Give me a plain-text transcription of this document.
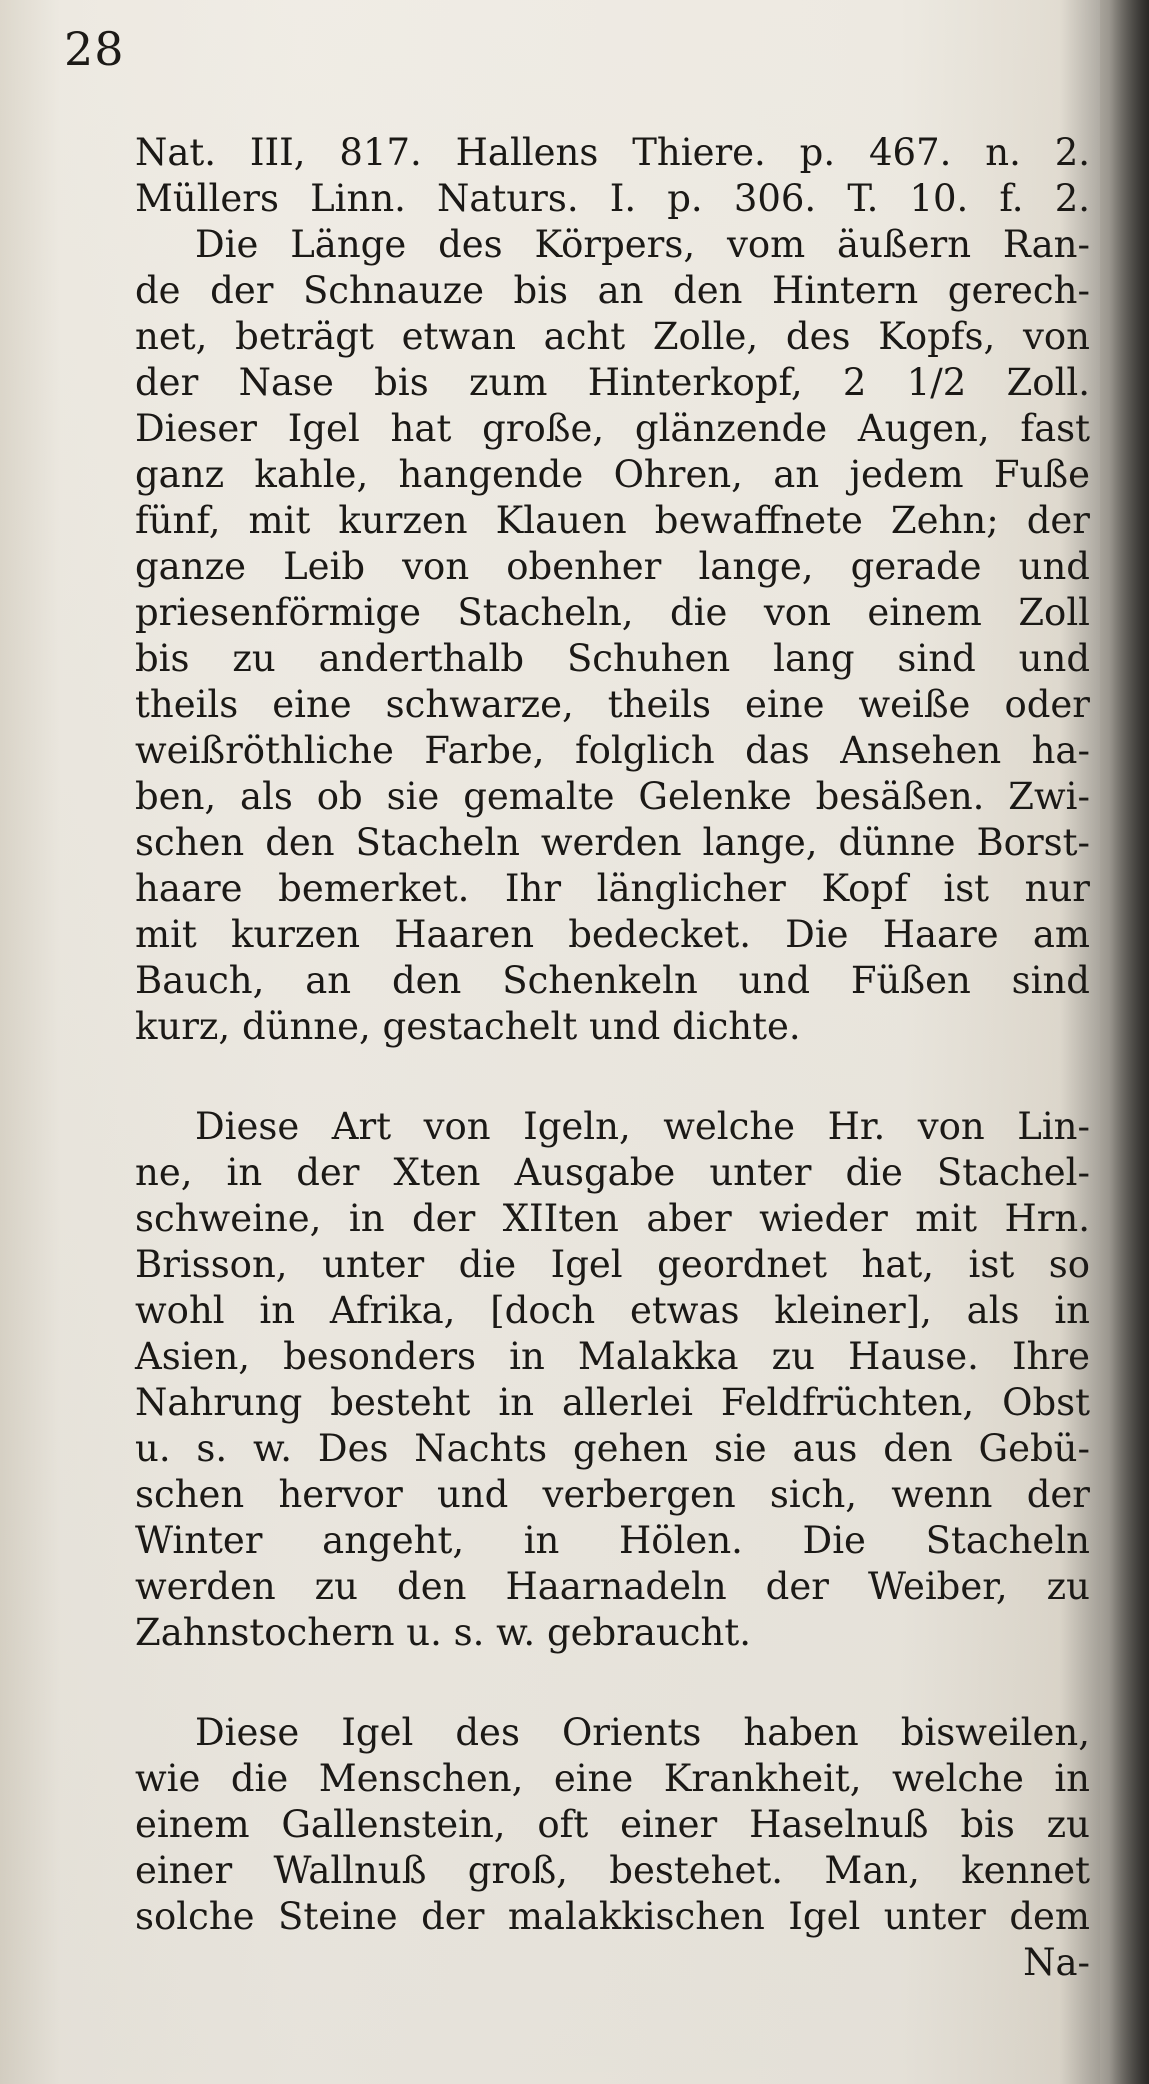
28
Nat. III, 817. Hallens Thiere. p. 467. n. 2.
Müllers Linn. Naturs. I. p. 306. T. 10. f. 2.
Die Länge des Körpers, vom äußern Ran-
de der Schnauze bis an den Hintern gerech-
net, beträgt etwan acht Zolle, des Kopfs, von
der Nase bis zum Hinterkopf, 2 1/2 Zoll.
Dieser Igel hat große, glänzende Augen, fast
ganz kahle, hangende Ohren, an jedem Fuße
fünf, mit kurzen Klauen bewaffnete Zehn; der
ganze Leib von obenher lange, gerade und
priesenförmige Stacheln, die von einem Zoll
bis zu anderthalb Schuhen lang sind und
theils eine schwarze, theils eine weiße oder
weißröthliche Farbe, folglich das Ansehen ha-
ben, als ob sie gemalte Gelenke besäßen. Zwi-
schen den Stacheln werden lange, dünne Borst-
haare bemerket. Ihr länglicher Kopf ist nur
mit kurzen Haaren bedecket. Die Haare am
Bauch, an den Schenkeln und Füßen sind
kurz, dünne, gestachelt und dichte.
Diese Art von Igeln, welche Hr. von Lin-
ne, in der Xten Ausgabe unter die Stachel-
schweine, in der XIIten aber wieder mit Hrn.
Brisson, unter die Igel geordnet hat, ist so
wohl in Afrika, [doch etwas kleiner], als in
Asien, besonders in Malakka zu Hause. Ihre
Nahrung besteht in allerlei Feldfrüchten, Obst
u. s. w. Des Nachts gehen sie aus den Gebü-
schen hervor und verbergen sich, wenn der
Winter angeht, in Hölen. Die Stacheln
werden zu den Haarnadeln der Weiber, zu
Zahnstochern u. s. w. gebraucht.
Diese Igel des Orients haben bisweilen,
wie die Menschen, eine Krankheit, welche in
einem Gallenstein, oft einer Haselnuß bis zu
einer Wallnuß groß, bestehet. Man, kennet
solche Steine der malakkischen Igel unter dem
Na-
